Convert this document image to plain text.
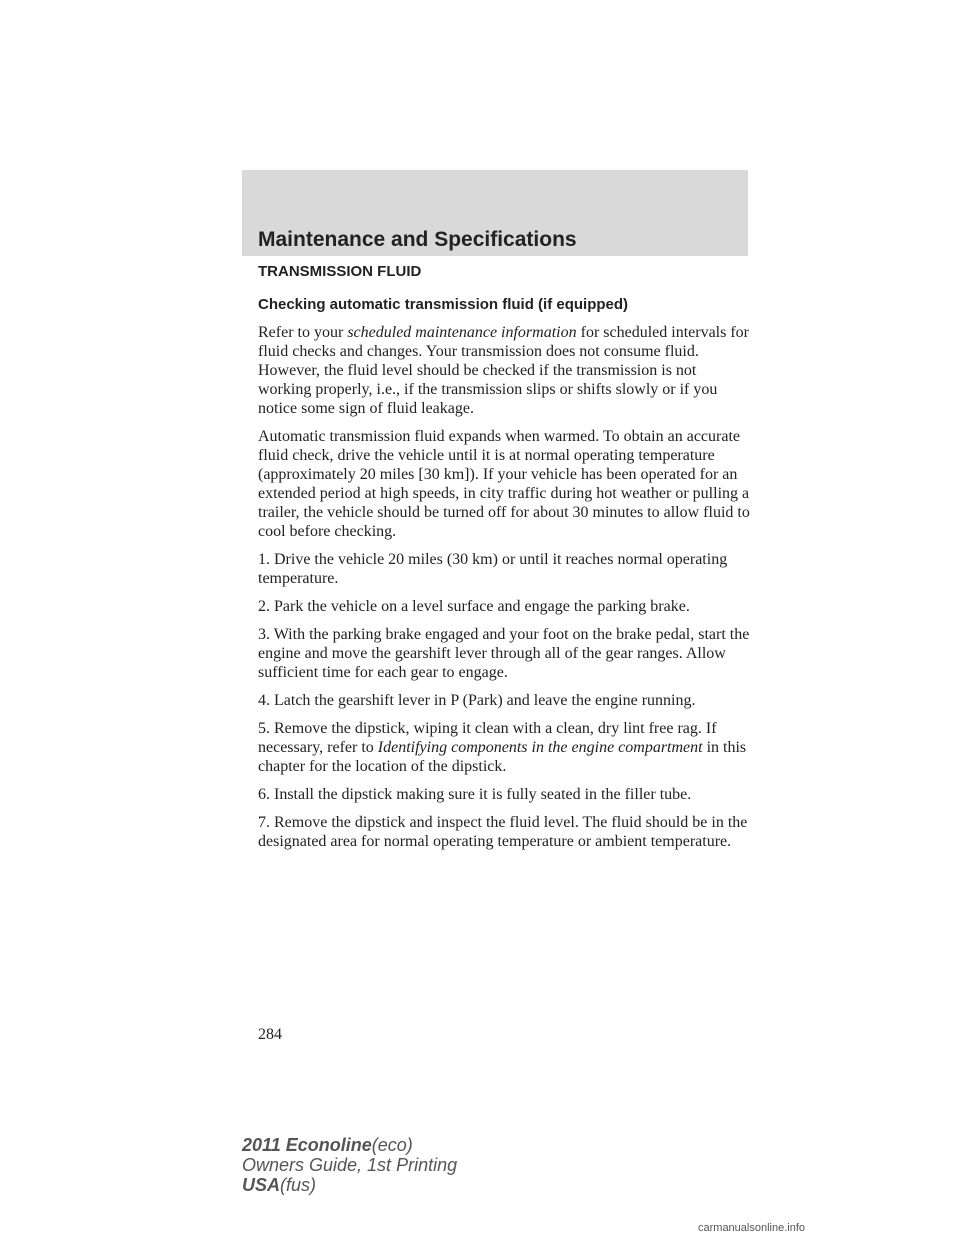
Maintenance and Specifications
TRANSMISSION FLUID
Checking automatic transmission fluid (if equipped)

Refer to your scheduled maintenance information for scheduled intervals for fluid checks and changes. Your transmission does not consume fluid. However, the fluid level should be checked if the transmission is not working properly, i.e., if the transmission slips or shifts slowly or if you notice some sign of fluid leakage.

Automatic transmission fluid expands when warmed. To obtain an accurate fluid check, drive the vehicle until it is at normal operating temperature (approximately 20 miles [30 km]). If your vehicle has been operated for an extended period at high speeds, in city traffic during hot weather or pulling a trailer, the vehicle should be turned off for about 30 minutes to allow fluid to cool before checking.

1. Drive the vehicle 20 miles (30 km) or until it reaches normal operating temperature.

2. Park the vehicle on a level surface and engage the parking brake.

3. With the parking brake engaged and your foot on the brake pedal, start the engine and move the gearshift lever through all of the gear ranges. Allow sufficient time for each gear to engage.

4. Latch the gearshift lever in P (Park) and leave the engine running.

5. Remove the dipstick, wiping it clean with a clean, dry lint free rag. If necessary, refer to Identifying components in the engine compartment in this chapter for the location of the dipstick.

6. Install the dipstick making sure it is fully seated in the filler tube.

7. Remove the dipstick and inspect the fluid level. The fluid should be in the designated area for normal operating temperature or ambient temperature.

284
2011 Econoline(eco)
Owners Guide, 1st Printing
USA(fus)
carmanualsonline.info
